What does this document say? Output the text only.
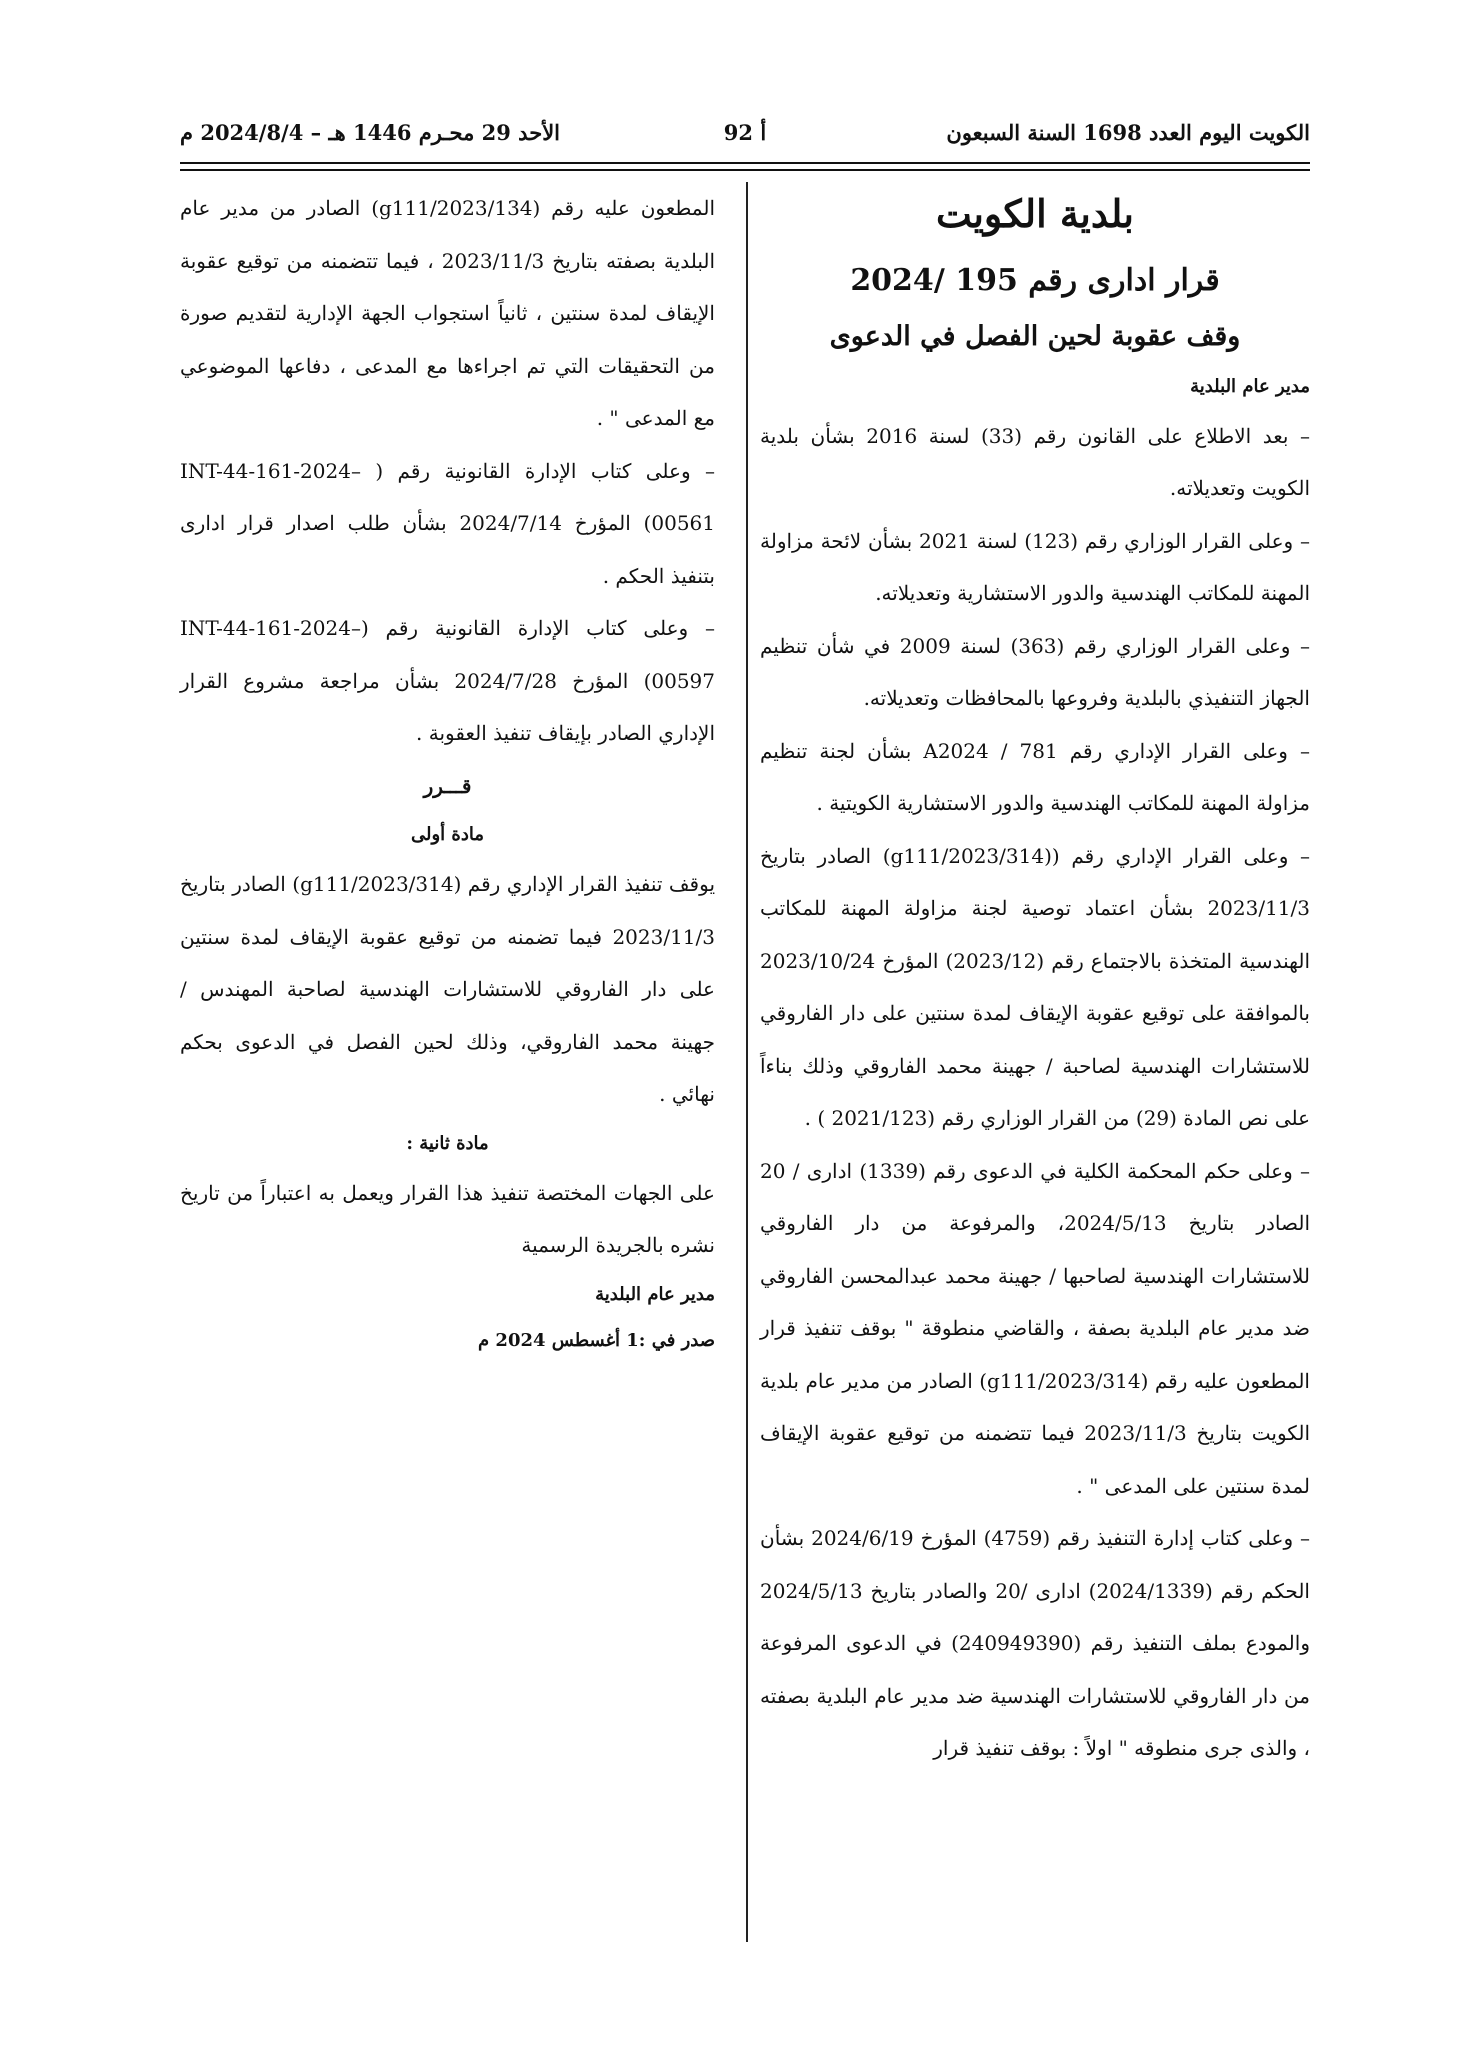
الكويت اليوم العدد 1698 السنة السبعون
أ 92
الأحد 29 محـرم 1446 هـ – 2024/8/4 م

بلدية الكويت

قرار اداری رقم 195 /2024

وقف عقوبة لحين الفصل في الدعوى

مدير عام البلدية

– بعد الاطلاع على القانون رقم (33) لسنة 2016 بشأن بلدية الكويت وتعديلاته.

– وعلى القرار الوزاري رقم (123) لسنة 2021 بشأن لائحة مزاولة المهنة للمكاتب الهندسية والدور الاستشارية وتعديلاته.

– وعلى القرار الوزاري رقم (363) لسنة 2009 في شأن تنظيم الجهاز التنفيذي بالبلدية وفروعها بالمحافظات وتعديلاته.

– وعلى القرار الإداري رقم 781 / A2024 بشأن لجنة تنظيم مزاولة المهنة للمكاتب الهندسية والدور الاستشارية الكويتية .

– وعلى القرار الإداري رقم ((g111/2023/314) الصادر بتاريخ 2023/11/3 بشأن اعتماد توصية لجنة مزاولة المهنة للمكاتب الهندسية المتخذة بالاجتماع رقم (2023/12) المؤرخ 2023/10/24 بالموافقة على توقيع عقوبة الإيقاف لمدة سنتين على دار الفاروقي للاستشارات الهندسية لصاحبة / جهينة محمد الفاروقي وذلك بناءاً على نص المادة (29) من القرار الوزاري رقم (2021/123 ) .

– وعلى حكم المحكمة الكلية في الدعوى رقم (1339) اداری / 20 الصادر بتاريخ 2024/5/13، والمرفوعة من دار الفاروقي للاستشارات الهندسية لصاحبها / جهينة محمد عبدالمحسن الفاروقي ضد مدير عام البلدية بصفة ، والقاضي منطوقة " بوقف تنفيذ قرار المطعون عليه رقم (g111/2023/314) الصادر من مدير عام بلدية الكويت بتاريخ 2023/11/3 فيما تتضمنه من توقيع عقوبة الإيقاف لمدة سنتين على المدعى " .

– وعلى كتاب إدارة التنفيذ رقم (4759) المؤرخ 2024/6/19 بشأن الحكم رقم (2024/1339) اداری /20 والصادر بتاريخ 2024/5/13 والمودع بملف التنفيذ رقم (240949390) في الدعوى المرفوعة من دار الفاروقي للاستشارات الهندسية ضد مدير عام البلدية بصفته ، والذى جرى منطوقه " اولاً : بوقف تنفيذ قرار

المطعون عليه رقم (g111/2023/134) الصادر من مدير عام البلدية بصفته بتاريخ 2023/11/3 ، فيما تتضمنه من توقيع عقوبة الإيقاف لمدة سنتين ، ثانياً استجواب الجهة الإدارية لتقديم صورة من التحقيقات التي تم اجراءها مع المدعى ، دفاعها الموضوعي مع المدعى " .

– وعلى كتاب الإدارة القانونية رقم ( –INT-44-161-2024 00561) المؤرخ 2024/7/14 بشأن طلب اصدار قرار اداری بتنفيذ الحكم .

– وعلى كتاب الإدارة القانونية رقم (–INT-44-161-2024 00597) المؤرخ 2024/7/28 بشأن مراجعة مشروع القرار الإداري الصادر بإيقاف تنفيذ العقوبة .

قـــرر

مادة أولى

يوقف تنفيذ القرار الإداري رقم (g111/2023/314) الصادر بتاريخ 2023/11/3 فيما تضمنه من توقيع عقوبة الإيقاف لمدة سنتين على دار الفاروقي للاستشارات الهندسية لصاحبة المهندس / جهينة محمد الفاروقي، وذلك لحين الفصل في الدعوى بحكم نهائي .

مادة ثانية :

على الجهات المختصة تنفيذ هذا القرار ويعمل به اعتباراً من تاريخ نشره بالجريدة الرسمية

مدير عام البلدية

صدر في :1 أغسطس 2024 م
